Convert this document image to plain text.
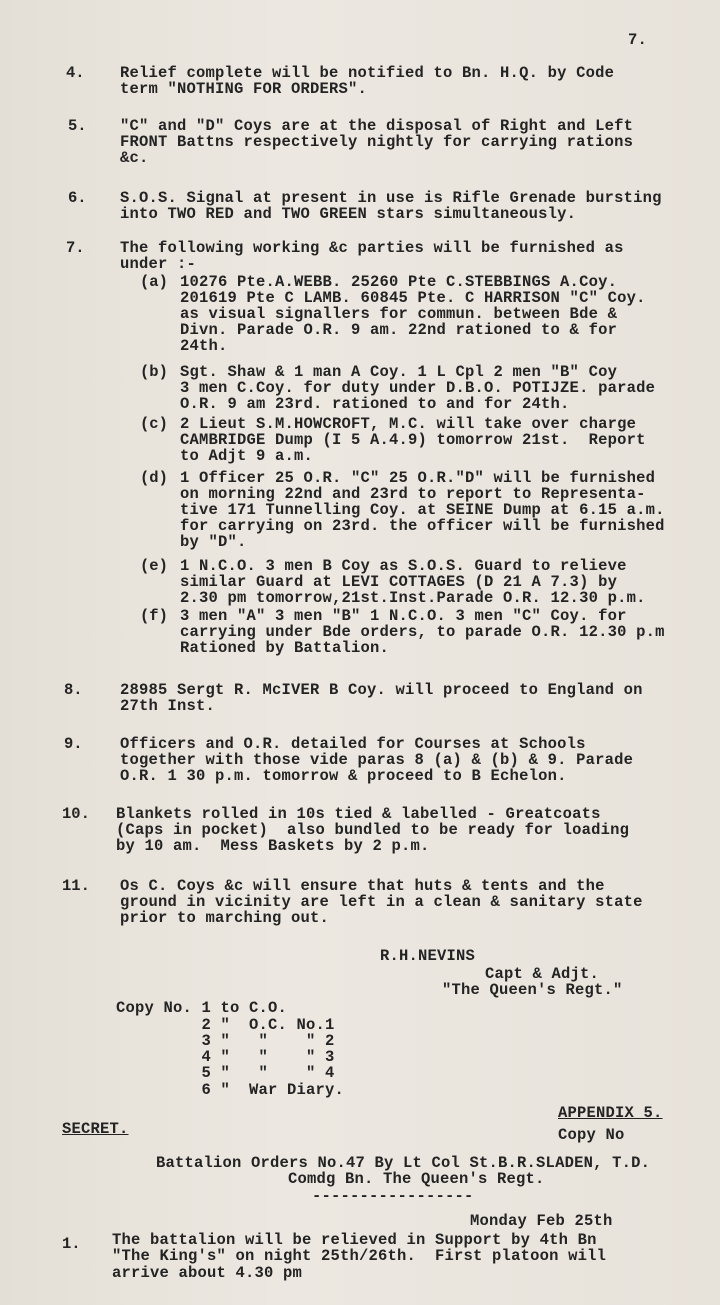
7.
4. Relief complete will be notified to Bn. H.Q. by Code
term "NOTHING FOR ORDERS".
5. "C" and "D" Coys are at the disposal of Right and Left
FRONT Battns respectively nightly for carrying rations
&c.
6. S.O.S. Signal at present in use is Rifle Grenade bursting
into TWO RED and TWO GREEN stars simultaneously.
7. The following working &c parties will be furnished as
under :-
(a) 10276 Pte.A.WEBB. 25260 Pte C.STEBBINGS A.Coy.
201619 Pte C LAMB. 60845 Pte. C HARRISON "C" Coy.
as visual signallers for commun. between Bde &
Divn. Parade O.R. 9 am. 22nd rationed to & for
24th.
(b) Sgt. Shaw & 1 man A Coy. 1 L Cpl 2 men "B" Coy
3 men C.Coy. for duty under D.B.O. POTIJZE. parade
O.R. 9 am 23rd. rationed to and for 24th.
(c) 2 Lieut S.M.HOWCROFT, M.C. will take over charge
CAMBRIDGE Dump (I 5 A.4.9) tomorrow 21st.  Report
to Adjt 9 a.m.
(d) 1 Officer 25 O.R. "C" 25 O.R."D" will be furnished
on morning 22nd and 23rd to report to Representa-
tive 171 Tunnelling Coy. at SEINE Dump at 6.15 a.m.
for carrying on 23rd. the officer will be furnished
by "D".
(e) 1 N.C.O. 3 men B Coy as S.O.S. Guard to relieve
similar Guard at LEVI COTTAGES (D 21 A 7.3) by
2.30 pm tomorrow,21st.Inst.Parade O.R. 12.30 p.m.
(f) 3 men "A" 3 men "B" 1 N.C.O. 3 men "C" Coy. for
carrying under Bde orders, to parade O.R. 12.30 p.m
Rationed by Battalion.
8. 28985 Sergt R. McIVER B Coy. will proceed to England on
27th Inst.
9. Officers and O.R. detailed for Courses at Schools
together with those vide paras 8 (a) & (b) & 9. Parade
O.R. 1 30 p.m. tomorrow & proceed to B Echelon.
10. Blankets rolled in 10s tied & labelled - Greatcoats
(Caps in pocket)  also bundled to be ready for loading
by 10 am.  Mess Baskets by 2 p.m.
11. Os C. Coys &c will ensure that huts & tents and the
ground in vicinity are left in a clean & sanitary state
prior to marching out.
R.H.NEVINS
Capt & Adjt.
"The Queen's Regt."
Copy No. 1 to C.O.
2 "  O.C. No.1
3 "   "    " 2
4 "   "    " 3
5 "   "    " 4
6 "  War Diary.
APPENDIX 5.
SECRET.	Copy No
Battalion Orders No.47 By Lt Col St.B.R.SLADEN, T.D.
Comdg Bn. The Queen's Regt.
-----------------
Monday Feb 25th
1. The battalion will be relieved in Support by 4th Bn
"The King's" on night 25th/26th.  First platoon will
arrive about 4.30 pm
